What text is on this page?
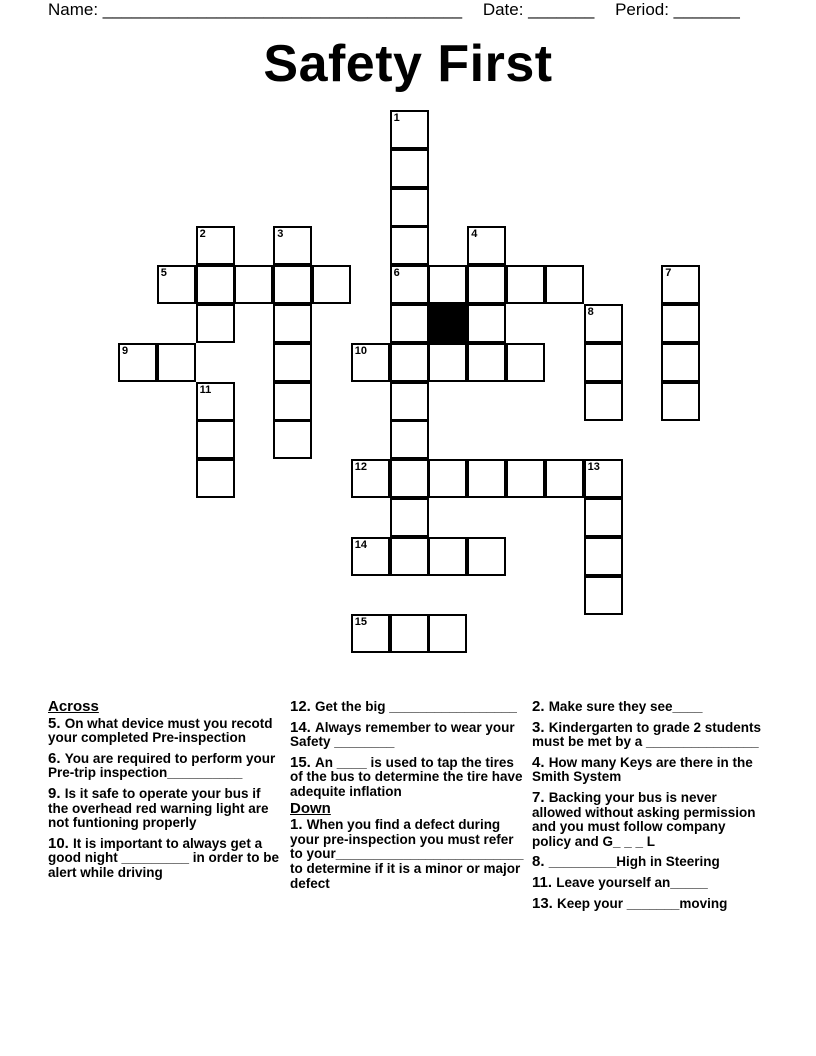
Name: ______________________________________ Date: _______ Period: _______
Safety First
1
2	3	4
5	6	7
8
9	10
11
12	13
14
15
Across
5. On what device must you recotd your completed Pre-inspection
6. You are required to perform your Pre-trip inspection__________
9. Is it safe to operate your bus if the overhead red warning light are not funtioning properly
10. It is important to always get a good night _________ in order to be alert while driving
12. Get the big _________________
14. Always remember to wear your Safety ________
15. An ____ is used to tap the tires of the bus to determine the tire have adequite inflation
Down
1. When you find a defect during your pre-inspection you must refer to your_________________________ to determine if it is a minor or major defect
2. Make sure they see____
3. Kindergarten to grade 2 students must be met by a _______________
4. How many Keys are there in the Smith System
7. Backing your bus is never allowed without asking permission and you must follow company policy and G_ _ _ L
8. _________High in Steering
11. Leave yourself an_____
13. Keep your _______moving
